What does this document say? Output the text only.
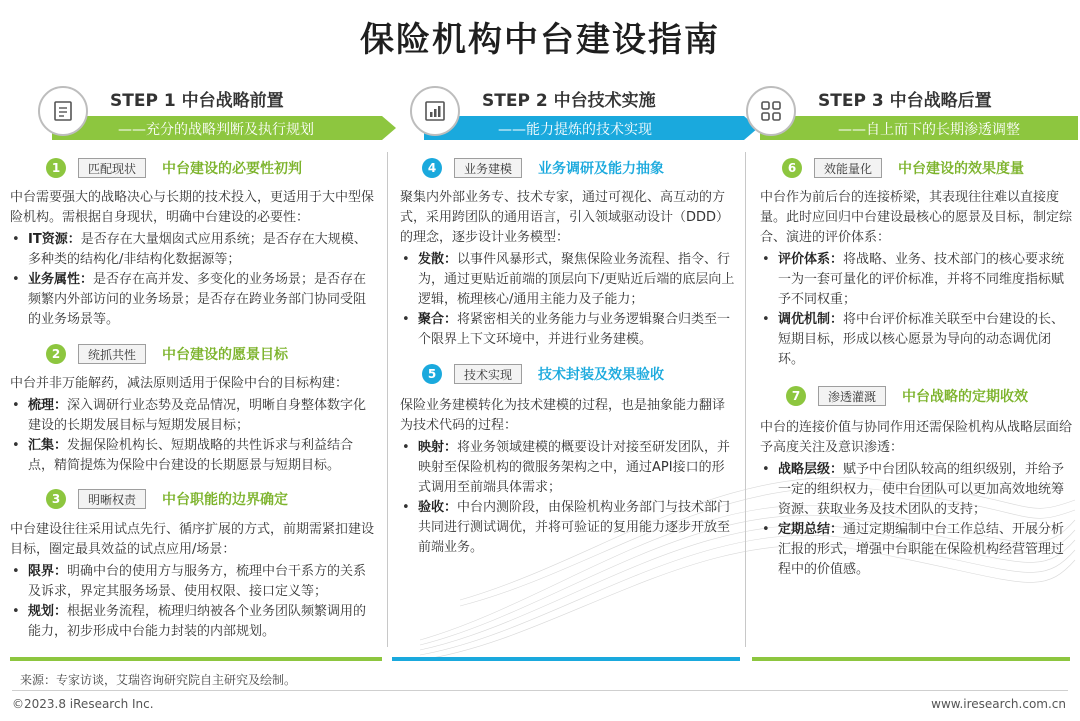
保险机构中台建设指南
STEP 1 中台战略前置
——充分的战略判断及执行规划
STEP 2 中台技术实施
——能力提炼的技术实现
STEP 3 中台战略后置
——自上而下的长期渗透调整
1	匹配现状	中台建设的必要性初判
中台需要强大的战略决心与长期的技术投入，更适用于大中型保险机构。需根据自身现状，明确中台建设的必要性：
• IT资源：是否存在大量烟囱式应用系统；是否存在大规模、多种类的结构化/非结构化数据源等；
• 业务属性：是否存在高并发、多变化的业务场景；是否存在频繁内外部访问的业务场景；是否存在跨业务部门协同受阻的业务场景等。
2	统抓共性	中台建设的愿景目标
中台并非万能解药，减法原则适用于保险中台的目标构建：
• 梳理：深入调研行业态势及竞品情况，明晰自身整体数字化建设的长期发展目标与短期发展目标；
• 汇集：发掘保险机构长、短期战略的共性诉求与利益结合点，精简提炼为保险中台建设的长期愿景与短期目标。
3	明晰权责	中台职能的边界确定
中台建设往往采用试点先行、循序扩展的方式，前期需紧扣建设目标，圈定最具效益的试点应用/场景：
• 限界：明确中台的使用方与服务方，梳理中台干系方的关系及诉求，界定其服务场景、使用权限、接口定义等；
• 规划：根据业务流程，梳理归纳被各个业务团队频繁调用的能力，初步形成中台能力封装的内部规划。
4	业务建模	业务调研及能力抽象
聚集内外部业务专、技术专家，通过可视化、高互动的方式，采用跨团队的通用语言，引入领域驱动设计（DDD）的理念，逐步设计业务模型：
• 发散：以事件风暴形式，聚焦保险业务流程、指令、行为，通过更贴近前端的顶层向下/更贴近后端的底层向上逻辑，梳理核心/通用主能力及子能力；
• 聚合：将紧密相关的业务能力与业务逻辑聚合归类至一个限界上下文环境中，并进行业务建模。
5	技术实现	技术封装及效果验收
保险业务建模转化为技术建模的过程，也是抽象能力翻译为技术代码的过程：
• 映射：将业务领域建模的概要设计对接至研发团队，并映射至保险机构的微服务架构之中，通过API接口的形式调用至前端具体需求；
• 验收：中台内测阶段，由保险机构业务部门与技术部门共同进行测试调优，并将可验证的复用能力逐步开放至前端业务。
6	效能量化	中台建设的效果度量
中台作为前后台的连接桥梁，其表现往往难以直接度量。此时应回归中台建设最核心的愿景及目标，制定综合、演进的评价体系：
• 评价体系：将战略、业务、技术部门的核心要求统一为一套可量化的评价标准，并将不同维度指标赋予不同权重；
• 调优机制：将中台评价标准关联至中台建设的长、短期目标，形成以核心愿景为导向的动态调优闭环。
7	渗透灌溉	中台战略的定期收效
中台的连接价值与协同作用还需保险机构从战略层面给予高度关注及意识渗透：
• 战略层级：赋予中台团队较高的组织级别，并给予一定的组织权力，使中台团队可以更加高效地统筹资源、获取业务及技术团队的支持；
• 定期总结：通过定期编制中台工作总结、开展分析汇报的形式，增强中台职能在保险机构经营管理过程中的价值感。
来源：专家访谈，艾瑞咨询研究院自主研究及绘制。
©2023.8 iResearch Inc.	www.iresearch.com.cn
